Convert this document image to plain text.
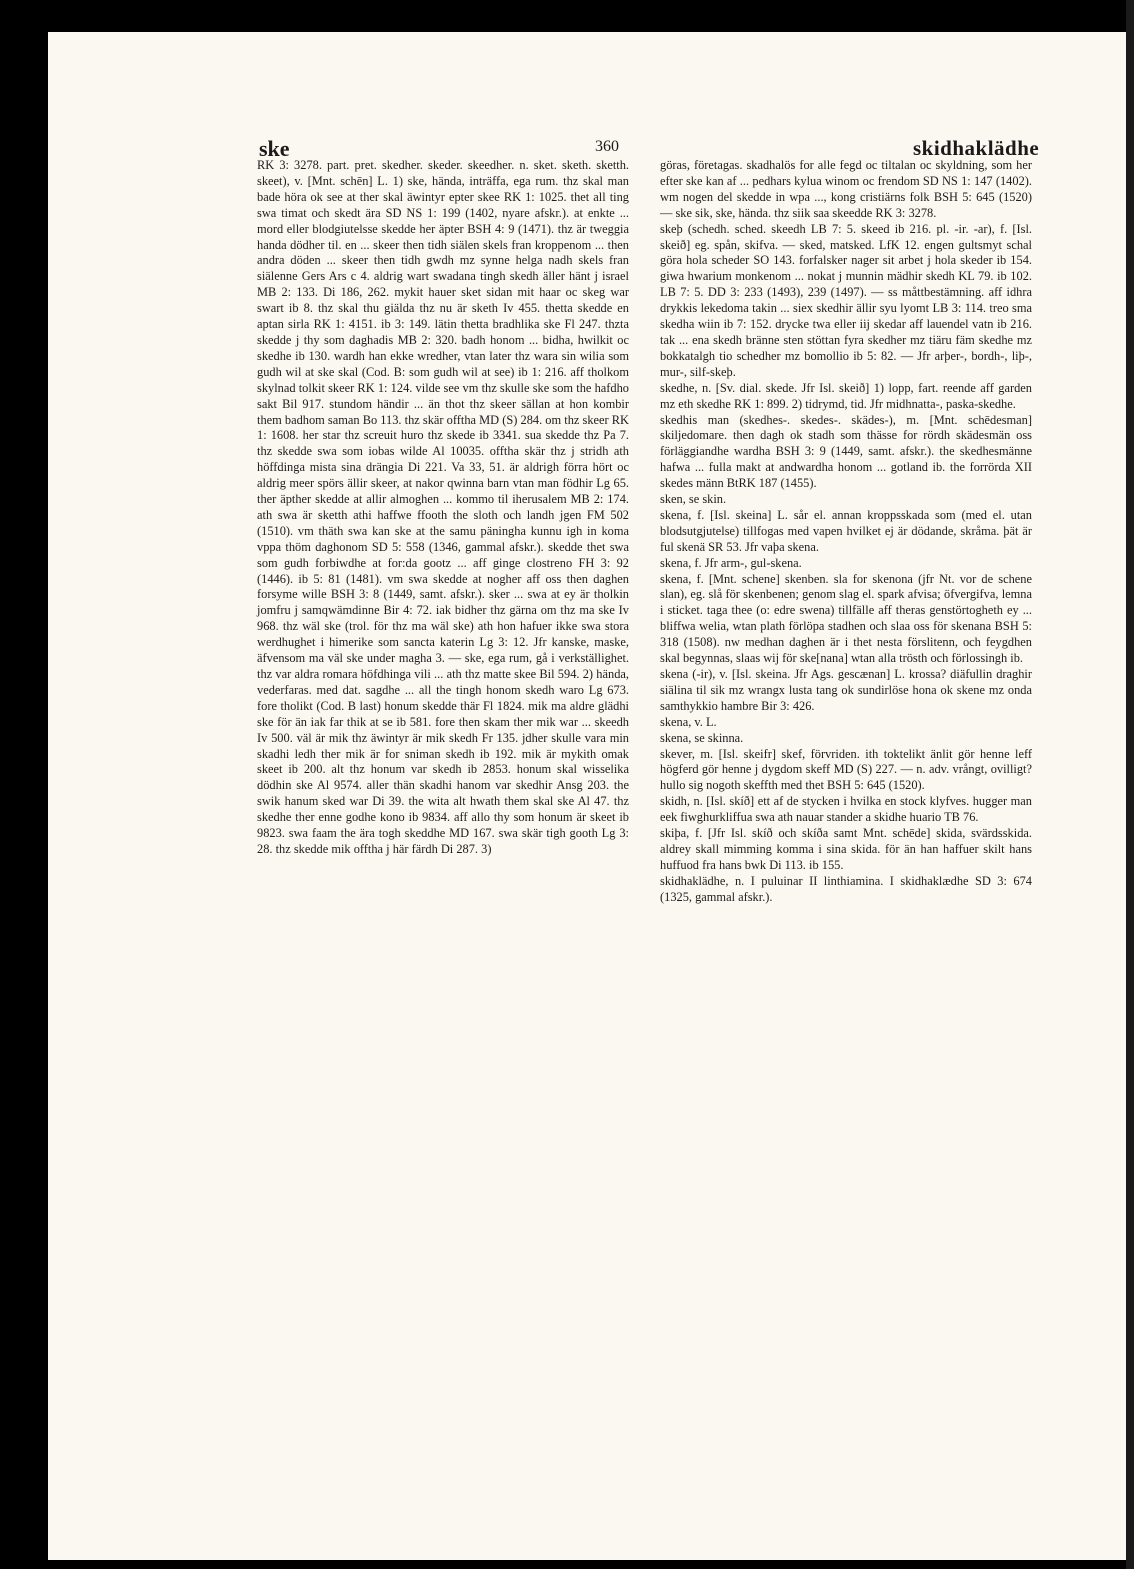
ske	360	skidhaklädhe

RK 3: 3278. part. pret. skedher. skeder. skeedher. n. sket. sketh. sketth. skeet), v. [Mnt. schēn] L. 1) ske, hända, inträffa, ega rum. thz skal man bade höra ok see at ther skal äwintyr epter skee RK 1: 1025. thet all ting swa timat och skedt ära SD NS 1: 199 (1402, nyare afskr.). at enkte ... mord eller blodgiutelsse skedde her äpter BSH 4: 9 (1471). thz är tweggia handa dödher til. en ... skeer then tidh siälen skels fran kroppenom ... then andra döden ... skeer then tidh gwdh mz synne helga nadh skels fran siälenne Gers Ars c 4. aldrig wart swadana tingh skedh äller hänt j israel MB 2: 133. Di 186, 262. mykit hauer sket sidan mit haar oc skeg war swart ib 8. thz skal thu giälda thz nu är sketh Iv 455. thetta skedde en aptan sirla RK 1: 4151. ib 3: 149. lätin thetta bradhlika ske Fl 247. thzta skedde j thy som daghadis MB 2: 320. badh honom ... bidha, hwilkit oc skedhe ib 130. wardh han ekke wredher, vtan later thz wara sin wilia som gudh wil at ske skal (Cod. B: som gudh wil at see) ib 1: 216. aff tholkom skylnad tolkit skeer RK 1: 124. vilde see vm thz skulle ske som the hafdho sakt Bil 917. stundom händir ... än thot thz skeer sällan at hon kombir them badhom saman Bo 113. thz skär offtha MD (S) 284. om thz skeer RK 1: 1608. her star thz screuit huro thz skede ib 3341. sua skedde thz Pa 7. thz skedde swa som iobas wilde Al 10035. offtha skär thz j stridh ath höffdinga mista sina drängia Di 221. Va 33, 51. är aldrigh förra hört oc aldrig meer spörs ällir skeer, at nakor qwinna barn vtan man födhir Lg 65. ther äpther skedde at allir almoghen ... kommo til iherusalem MB 2: 174. ath swa är sketth athi haffwe ffooth the sloth och landh jgen FM 502 (1510). vm thäth swa kan ske at the samu päningha kunnu igh in koma vppa thöm daghonom SD 5: 558 (1346, gammal afskr.). skedde thet swa som gudh forbiwdhe at for:da gootz ... aff ginge clostreno FH 3: 92 (1446). ib 5: 81 (1481). vm swa skedde at nogher aff oss then daghen forsyme wille BSH 3: 8 (1449, samt. afskr.). sker ... swa at ey är tholkin jomfru j samqwämdinne Bir 4: 72. iak bidher thz gärna om thz ma ske Iv 968. thz wäl ske (trol. för thz ma wäl ske) ath hon hafuer ikke swa stora werdhughet i himerike som sancta katerin Lg 3: 12. Jfr kanske, maske, äfvensom ma väl ske under magha 3. — ske, ega rum, gå i verkställighet. thz var aldra romara höfdhinga vili ... ath thz matte skee Bil 594. 2) hända, vederfaras. med dat. sagdhe ... all the tingh honom skedh waro Lg 673. fore tholikt (Cod. B last) honum skedde thär Fl 1824. mik ma aldre glädhi ske för än iak far thik at se ib 581. fore then skam ther mik war ... skeedh Iv 500. väl är mik thz äwintyr är mik skedh Fr 135. jdher skulle vara min skadhi ledh ther mik är for sniman skedh ib 192. mik är mykith omak skeet ib 200. alt thz honum var skedh ib 2853. honum skal wisselika dödhin ske Al 9574. aller thän skadhi hanom var skedhir Ansg 203. the swik hanum sked war Di 39. the wita alt hwath them skal ske Al 47. thz skedhe ther enne godhe kono ib 9834. aff allo thy som honum är skeet ib 9823. swa faam the ära togh skeddhe MD 167. swa skär tigh gooth Lg 3: 28. thz skedde mik offtha j här färdh Di 287. 3)

göras, företagas. skadhalös for alle fegd oc tiltalan oc skyldning, som her efter ske kan af ... pedhars kylua winom oc frendom SD NS 1: 147 (1402). wm nogen del skedde in wpa ..., kong cristiärns folk BSH 5: 645 (1520) — ske sik, ske, hända. thz siik saa skeedde RK 3: 3278.

skeþ (schedh. sched. skeedh LB 7: 5. skeed ib 216. pl. -ir. -ar), f. [Isl. skeið] eg. spån, skifva. — sked, matsked. LfK 12. engen gultsmyt schal göra hola scheder SO 143. forfalsker nager sit arbet j hola skeder ib 154. giwa hwarium monkenom ... nokat j munnin mädhir skedh KL 79. ib 102. LB 7: 5. DD 3: 233 (1493), 239 (1497). — ss måttbestämning. aff idhra drykkis lekedoma takin ... siex skedhir ällir syu lyomt LB 3: 114. treo sma skedha wiin ib 7: 152. drycke twa eller iij skedar aff lauendel vatn ib 216. tak ... ena skedh bränne sten stöttan fyra skedher mz tiäru fäm skedhe mz bokkatalgh tio schedher mz bomollio ib 5: 82. — Jfr arþer-, bordh-, liþ-, mur-, silf-skeþ.

skedhe, n. [Sv. dial. skede. Jfr Isl. skeið] 1) lopp, fart. reende aff garden mz eth skedhe RK 1: 899. 2) tidrymd, tid. Jfr midhnatta-, paska-skedhe.

skedhis man (skedhes-. skedes-. skädes-), m. [Mnt. schēdesman] skiljedomare. then dagh ok stadh som thässe for rördh skädesmän oss förläggiandhe wardha BSH 3: 9 (1449, samt. afskr.). the skedhesmänne hafwa ... fulla makt at andwardha honom ... gotland ib. the forrörda XII skedes männ BtRK 187 (1455).

sken, se skin.

skena, f. [Isl. skeina] L. sår el. annan kroppsskada som (med el. utan blodsutgjutelse) tillfogas med vapen hvilket ej är dödande, skråma. þät är ful skenä SR 53. Jfr vaþa skena.

skena, f. Jfr arm-, gul-skena.

skena, f. [Mnt. schene] skenben. sla for skenona (jfr Nt. vor de schene slan), eg. slå för skenbenen; genom slag el. spark afvisa; öfvergifva, lemna i sticket. taga thee (o: edre swena) tillfälle aff theras genstörtogheth ey ... bliffwa welia, wtan plath förlöpa stadhen och slaa oss för skenana BSH 5: 318 (1508). nw medhan daghen är i thet nesta förslitenn, och feygdhen skal begynnas, slaas wij för ske[nana] wtan alla trösth och förlossingh ib.

skena (-ir), v. [Isl. skeina. Jfr Ags. gescænan] L. krossa? diäfullin draghir siälina til sik mz wrangx lusta tang ok sundirlöse hona ok skene mz onda samthykkio hambre Bir 3: 426.

skena, v. L.

skena, se skinna.

skever, m. [Isl. skeifr] skef, förvriden. ith toktelikt änlit gör henne leff högferd gör henne j dygdom skeff MD (S) 227. — n. adv. vrångt, ovilligt? hullo sig nogoth skeffth med thet BSH 5: 645 (1520).

skidh, n. [Isl. skíð] ett af de stycken i hvilka en stock klyfves. hugger man eek fiwghurkliffua swa ath nauar stander a skidhe huario TB 76.

skiþa, f. [Jfr Isl. skíð och skíða samt Mnt. schēde] skida, svärdsskida. aldrey skall mimming komma i sina skida. för än han haffuer skilt hans huffuod fra hans bwk Di 113. ib 155.

skidhaklädhe, n. I puluinar II linthiamina. I skidhaklædhe SD 3: 674 (1325, gammal afskr.).
